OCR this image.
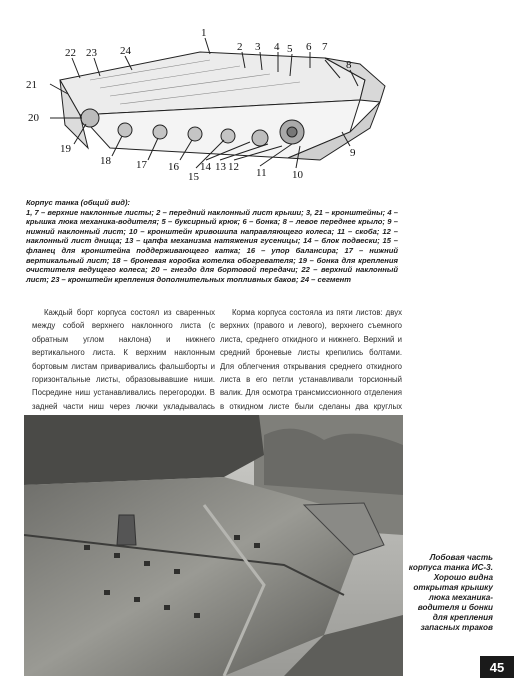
22 23 24
1
2 3 4 5 6 7
8
21
20
19
18 17 16
15
14 13 12 11 10
9
Корпус танка (общий вид):
1, 7 – верхние наклонные листы; 2 – передний наклонный лист крыши; 3, 21 – кронштейны; 4 – крышка люка механика-водителя; 5 – буксирный крюк; 6 – бонка; 8 – левое переднее крыло; 9 – нижний наклонный лист; 10 – кронштейн кривошипа направляющего колеса; 11 – скоба; 12 – наклонный лист днища; 13 – цапфа механизма натяжения гусеницы; 14 – блок подвески; 15 – фланец для кронштейна поддерживающего катка; 16 – упор балансира; 17 – нижний вертикальный лист; 18 – броневая коробка котелка обогревателя; 19 – бонка для крепления очистителя ведущего колеса; 20 – гнездо для бортовой передачи; 22 – верхний наклонный лист; 23 – кронштейн крепления дополнительных топливных баков; 24 – сегмент
Каждый борт корпуса состоял из сваренных между собой верхнего наклонного листа (с обратным углом наклона) и нижнего вертикального листа. К верхним наклонным бортовым листам приваривались фальшборты и горизонтальные листы, образовывавшие ниши. Посредине ниш устанавливались перегородки. В задней части ниш через лючки укладывалась
Корма корпуса состояла из пяти листов: двух верхних (правого и левого), верхнего съемного листа, среднего откидного и нижнего. Верхний и средний броневые листы крепились болтами. Для облегчения открывания среднего откидного листа в его петли устанавливали торсионный валик. Для осмотра трансмиссионного отделения в откидном листе были сделаны два круглых
Лобовая часть корпуса танка ИС-3. Хорошо видна открытая крышку люка механика-водителя и бонки для крепления запасных траков
45
